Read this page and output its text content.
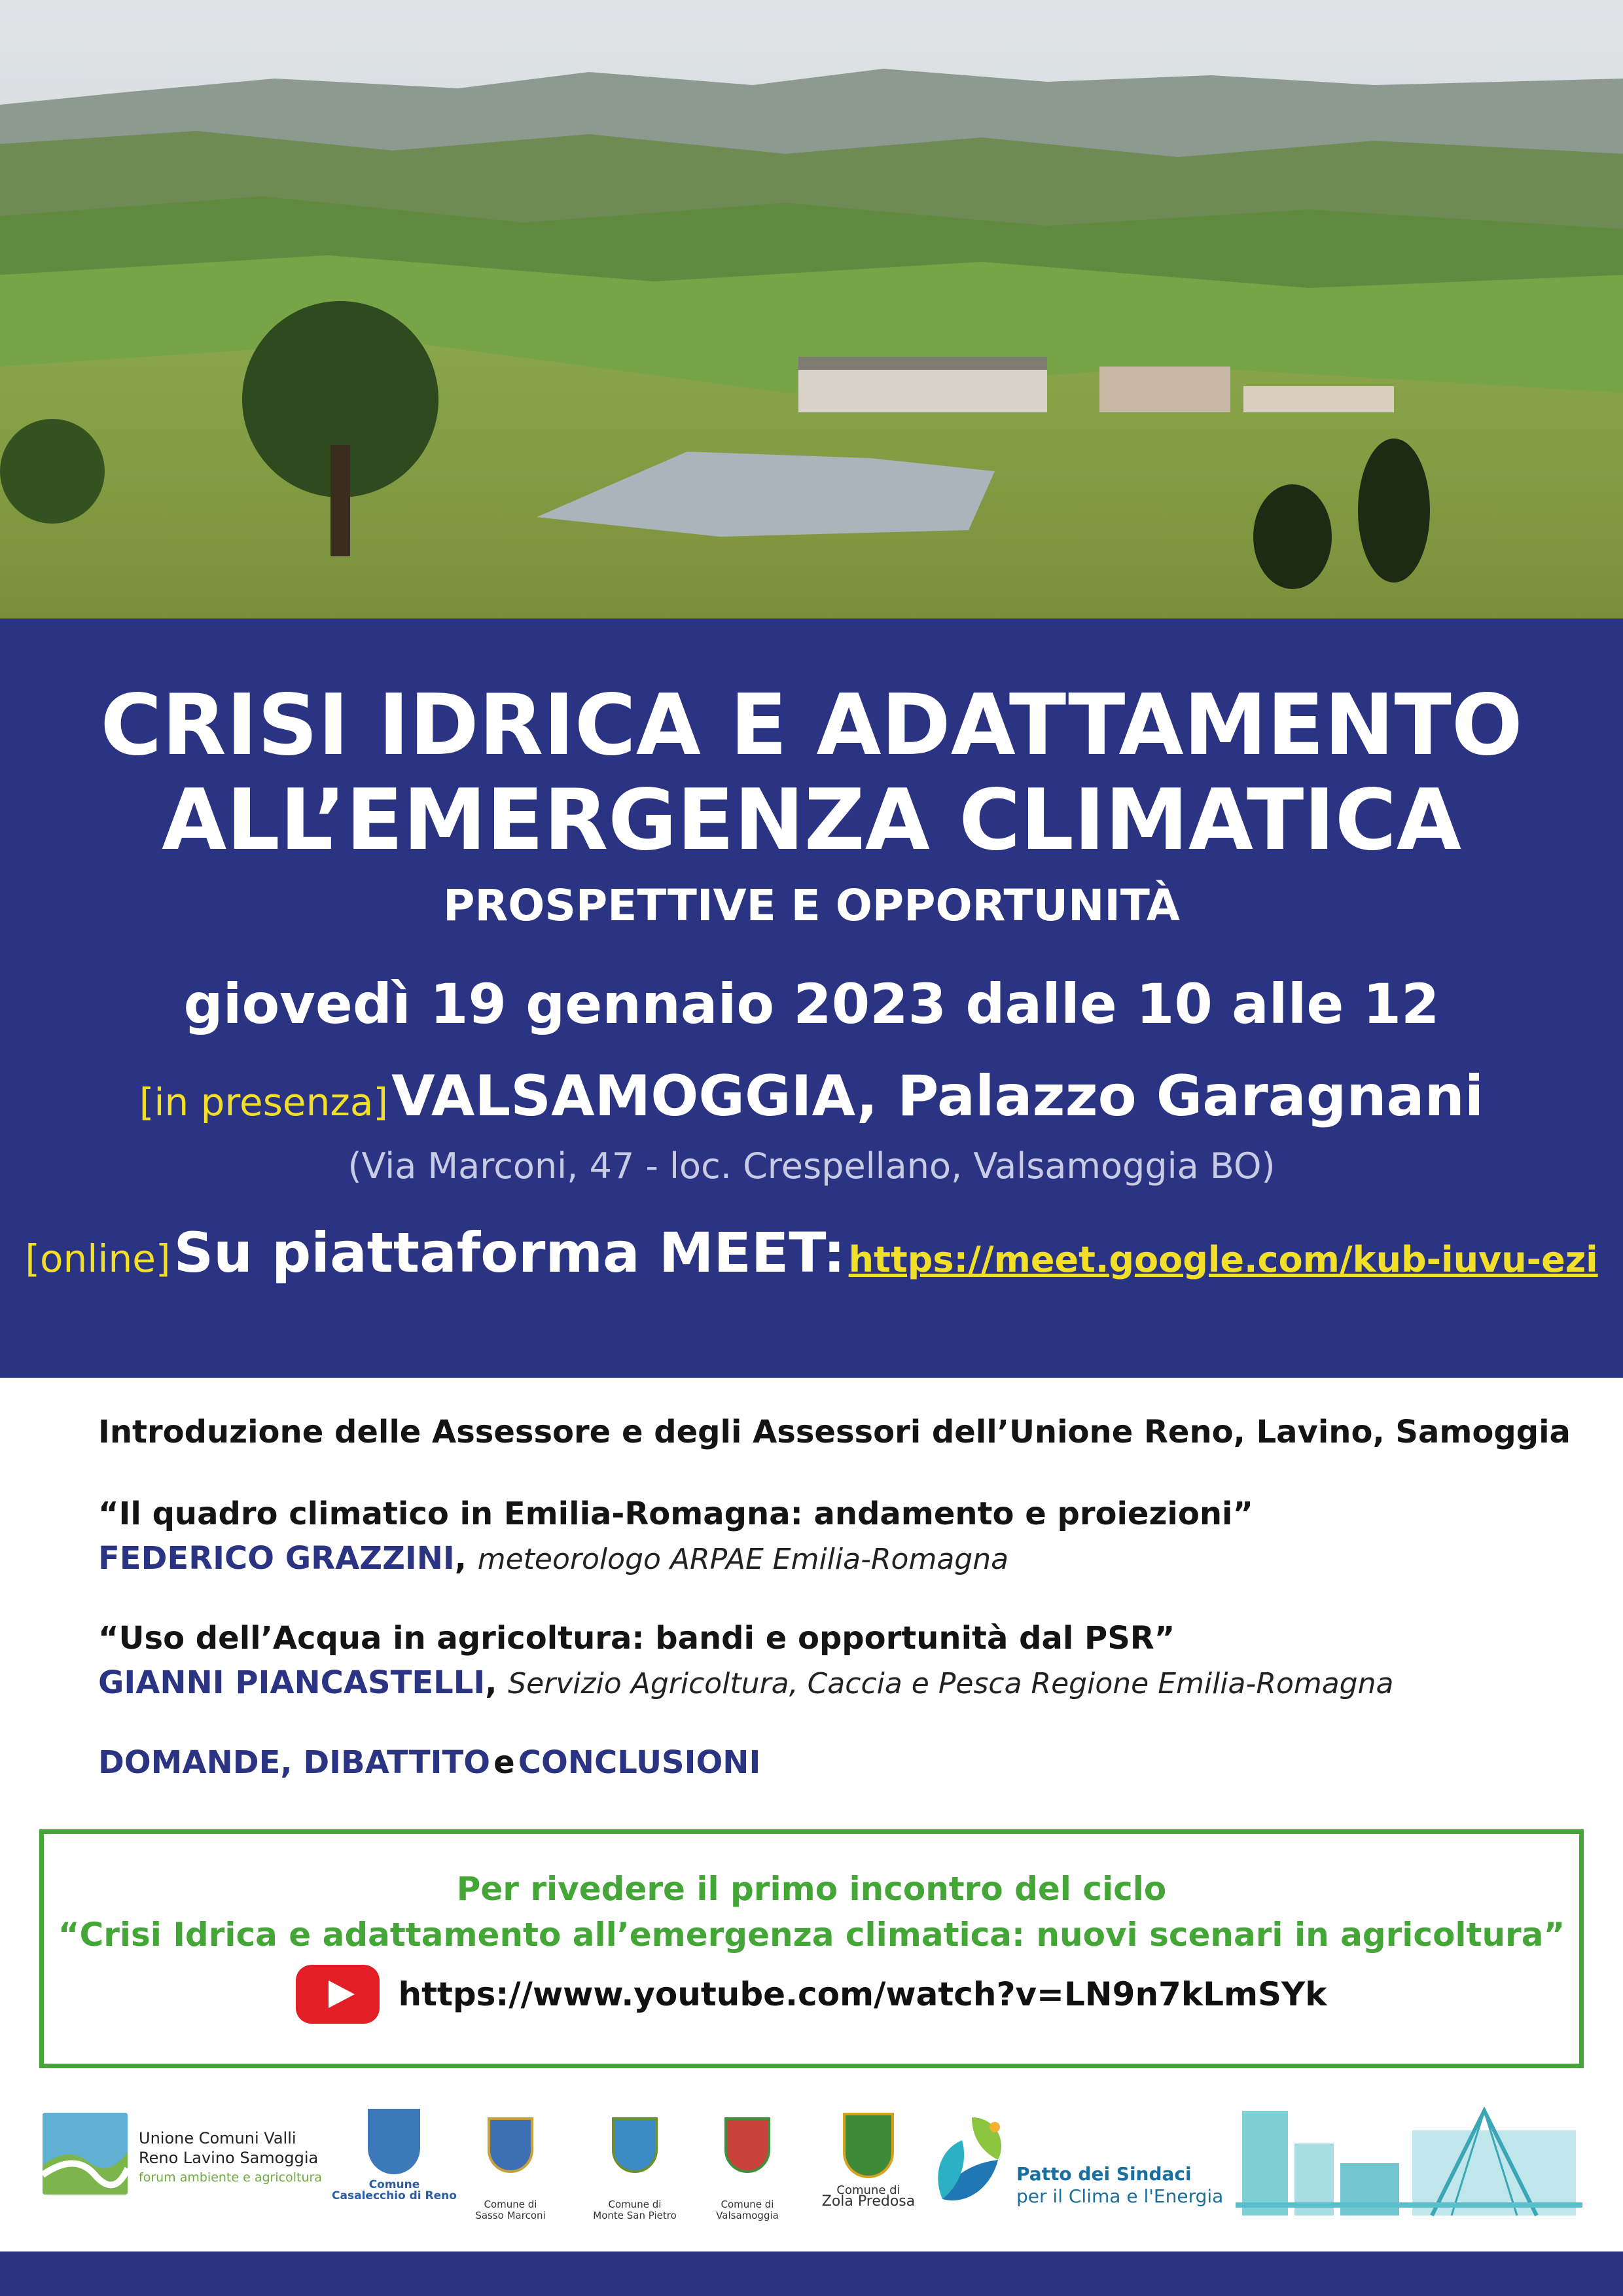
CRISI IDRICA E ADATTAMENTO
ALL’EMERGENZA CLIMATICA
PROSPETTIVE E OPPORTUNITÀ
giovedì 19 gennaio 2023 dalle 10 alle 12
[in presenza] VALSAMOGGIA, Palazzo Garagnani
(Via Marconi, 47 - loc. Crespellano, Valsamoggia BO)
[online] Su piattaforma MEET: https://meet.google.com/kub-iuvu-ezi
Introduzione delle Assessore e degli Assessori dell’Unione Reno, Lavino, Samoggia
“Il quadro climatico in Emilia-Romagna: andamento e proiezioni”
FEDERICO GRAZZINI, meteorologo ARPAE Emilia-Romagna
“Uso dell’Acqua in agricoltura: bandi e opportunità dal PSR”
GIANNI PIANCASTELLI, Servizio Agricoltura, Caccia e Pesca Regione Emilia-Romagna
DOMANDE, DIBATTITO e CONCLUSIONI
Per rivedere il primo incontro del ciclo
“Crisi Idrica e adattamento all’emergenza climatica: nuovi scenari in agricoltura”
https://www.youtube.com/watch?v=LN9n7kLmSYk
Unione Comuni Valli
Reno Lavino Samoggia
forum ambiente e agricoltura	Comune
Casalecchio di Reno
Comune di
Sasso Marconi
Comune di
Monte San Pietro
Comune di
Valsamoggia
Comune di
Zola Predosa
Patto dei Sindaci
per il Clima e l'Energia
